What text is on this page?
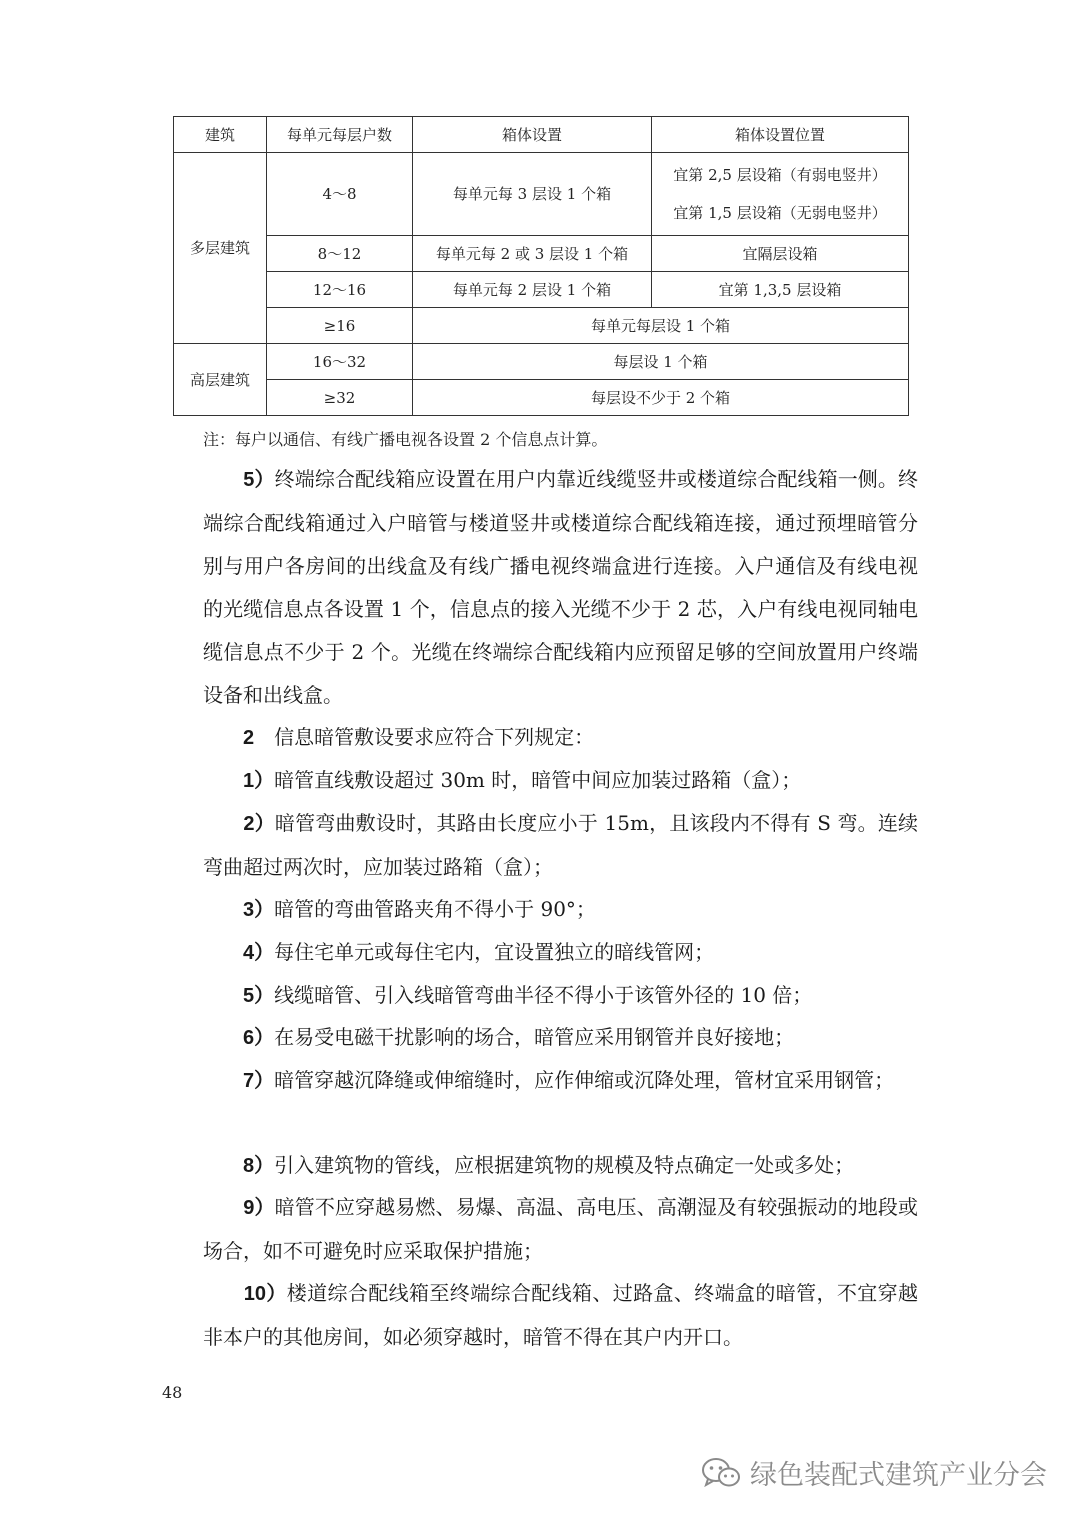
建筑	每单元每层户数	箱体设置	箱体设置位置
多层建筑	4～8	每单元每 3 层设 1 个箱	宜第 2,5 层设箱（有弱电竖井）
宜第 1,5 层设箱（无弱电竖井）

	8～12	每单元每 2 或 3 层设 1 个箱	宜隔层设箱
	12～16	每单元每 2 层设 1 个箱	宜第 1,3,5 层设箱
	≥16	每单元每层设 1 个箱	
高层建筑	16～32	每层设 1 个箱	
	≥32	每层设不少于 2 个箱	
注：每户以通信、有线广播电视各设置 2 个信息点计算。
　　5）终端综合配线箱应设置在用户内靠近线缆竖井或楼道综合配线箱一侧。终端综合配线箱通过入户暗管与楼道竖井或楼道综合配线箱连接，通过预埋暗管分别与用户各房间的出线盒及有线广播电视终端盒进行连接。入户通信及有线电视的光缆信息点各设置 1 个，信息点的接入光缆不少于 2 芯，入户有线电视同轴电缆信息点不少于 2 个。光缆在终端综合配线箱内应预留足够的空间放置用户终端设备和出线盒。
　　2　信息暗管敷设要求应符合下列规定：
　　1）暗管直线敷设超过 30m 时，暗管中间应加装过路箱（盒）；
　　2）暗管弯曲敷设时，其路由长度应小于 15m，且该段内不得有 S 弯。连续弯曲超过两次时，应加装过路箱（盒）；
　　3）暗管的弯曲管路夹角不得小于 90°；
　　4）每住宅单元或每住宅内，宜设置独立的暗线管网；
　　5）线缆暗管、引入线暗管弯曲半径不得小于该管外径的 10 倍；
　　6）在易受电磁干扰影响的场合，暗管应采用钢管并良好接地；
　　7）暗管穿越沉降缝或伸缩缝时，应作伸缩或沉降处理，管材宜采用钢管；
　　8）引入建筑物的管线，应根据建筑物的规模及特点确定一处或多处；
　　9）暗管不应穿越易燃、易爆、高温、高电压、高潮湿及有较强振动的地段或场合，如不可避免时应采取保护措施；
　　10）楼道综合配线箱至终端综合配线箱、过路盒、终端盒的暗管，不宜穿越非本户的其他房间，如必须穿越时，暗管不得在其户内开口。
48
绿色装配式建筑产业分会
